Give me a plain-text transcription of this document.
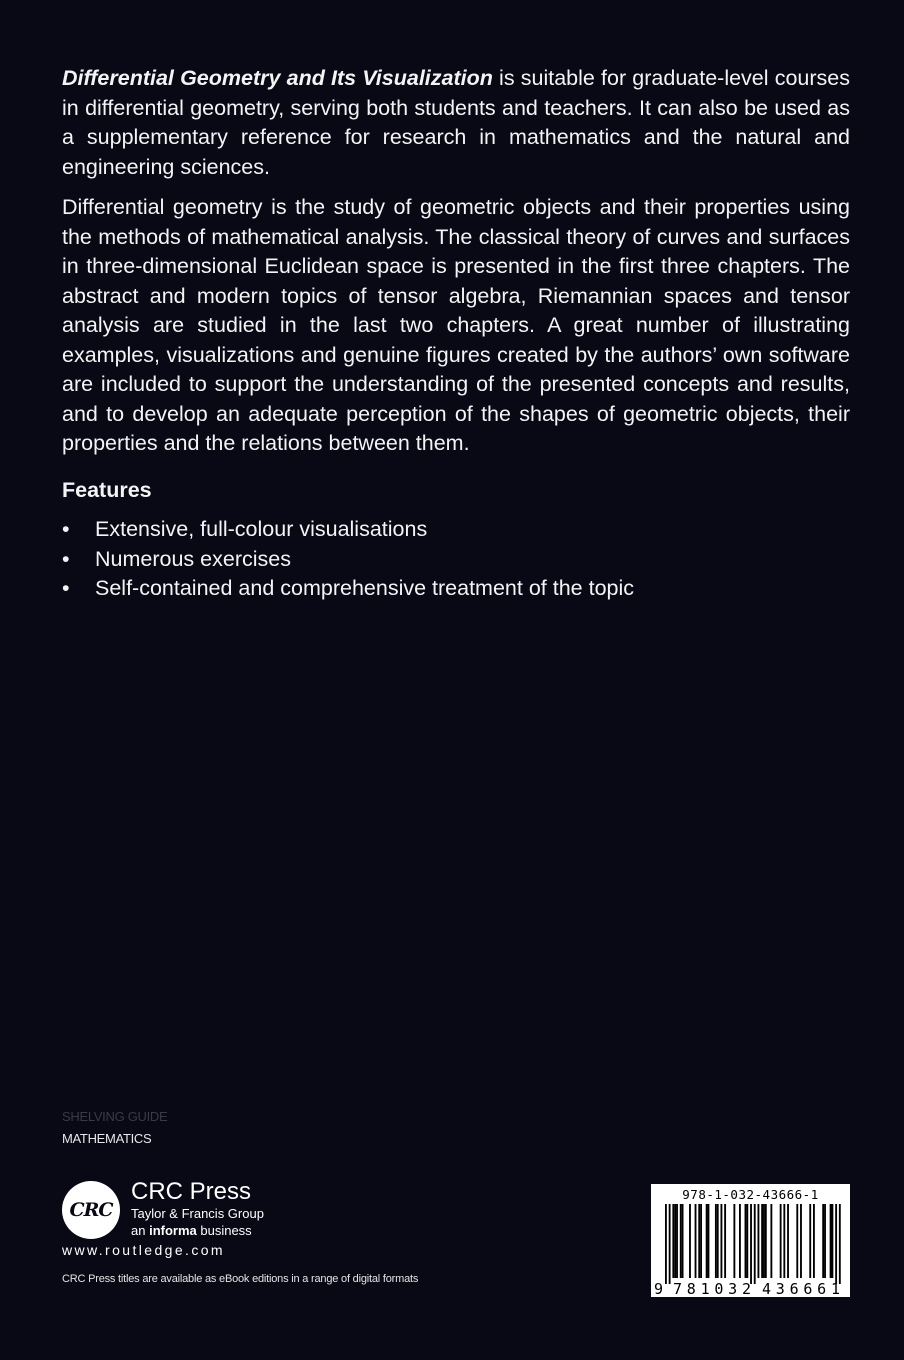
Differential Geometry and Its Visualization is suitable for graduate-level courses in differential geometry, serving both students and teachers. It can also be used as a supplementary reference for research in mathematics and the natural and engineering sciences.

Differential geometry is the study of geometric objects and their properties using the methods of mathematical analysis. The classical theory of curves and surfaces in three-dimensional Euclidean space is presented in the first three chapters. The abstract and modern topics of tensor algebra, Riemannian spaces and tensor analysis are studied in the last two chapters. A great number of illustrating examples, visualizations and genuine figures created by the authors’ own software are included to support the understanding of the presented concepts and results, and to develop an adequate perception of the shapes of geometric objects, their properties and the relations between them.

Features
• Extensive, full-colour visualisations
• Numerous exercises
• Self-contained and comprehensive treatment of the topic
SHELVING GUIDE
MATHEMATICS
CRC
CRC Press
Taylor & Francis Group
an informa business
www.routledge.com
CRC Press titles are available as eBook editions in a range of digital formats
978-1-032-43666-1
9 781032 436661
